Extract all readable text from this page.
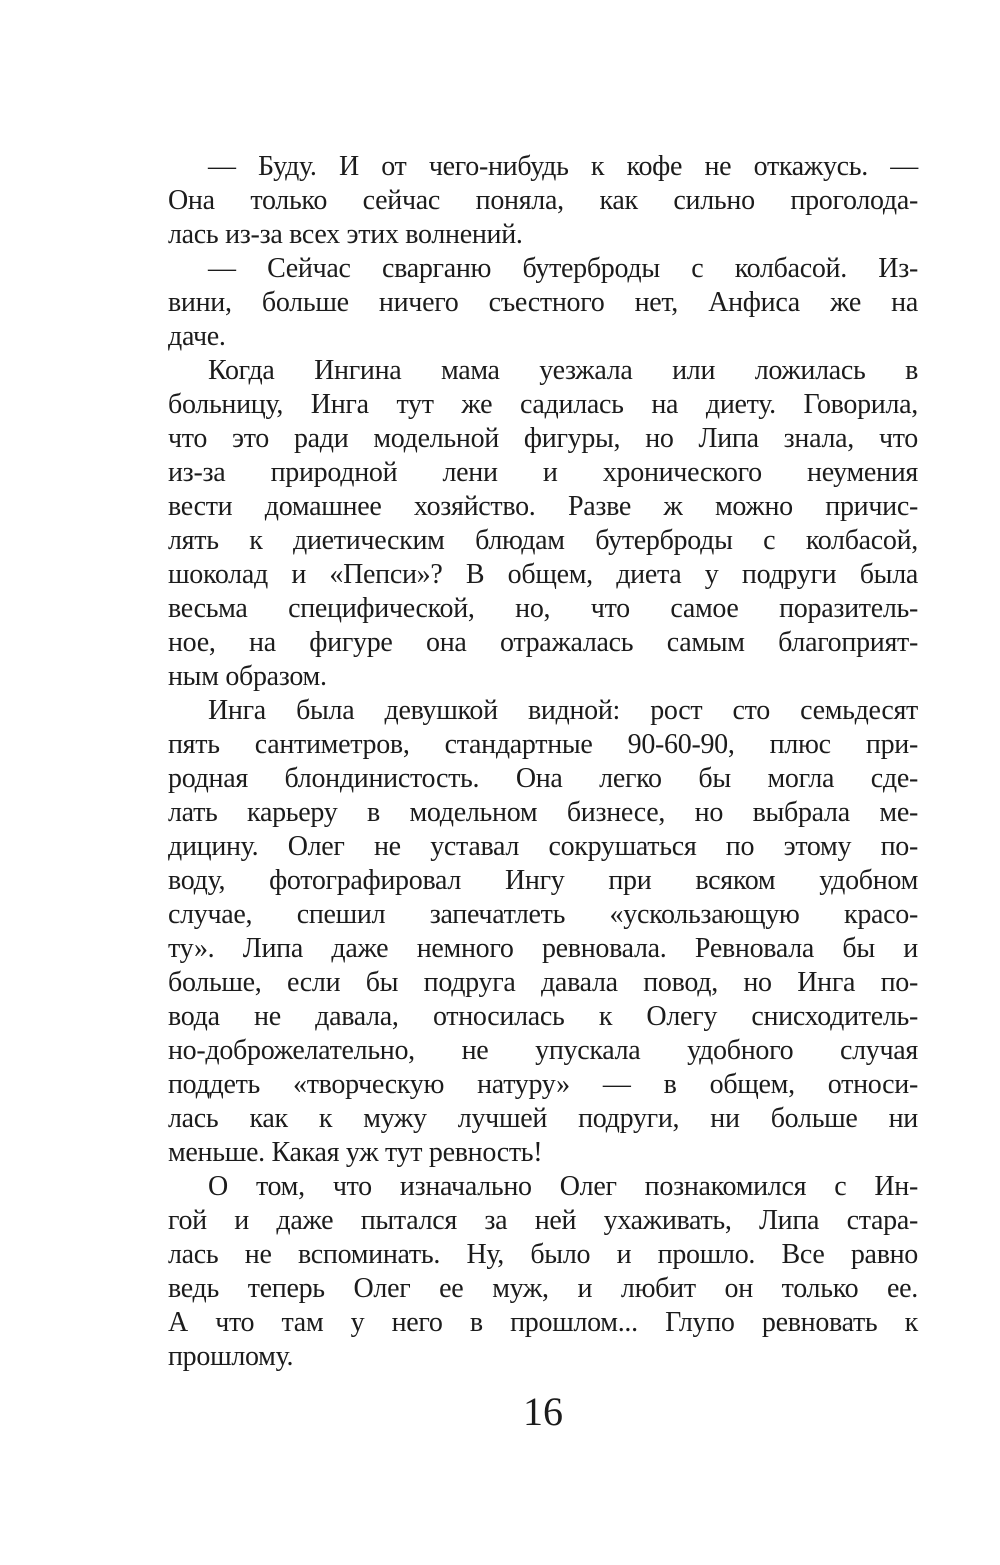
— Буду. И от чего-нибудь к кофе не откажусь. —
Она только сейчас поняла, как сильно проголода-
лась из-за всех этих волнений.
— Сейчас сварганю бутерброды с колбасой. Из-
вини, больше ничего съестного нет, Анфиса же на
даче.
Когда Ингина мама уезжала или ложилась в
больницу, Инга тут же садилась на диету. Говорила,
что это ради модельной фигуры, но Липа знала, что
из-за природной лени и хронического неумения
вести домашнее хозяйство. Разве ж можно причис-
лять к диетическим блюдам бутерброды с колбасой,
шоколад и «Пепси»? В общем, диета у подруги была
весьма специфической, но, что самое поразитель-
ное, на фигуре она отражалась самым благоприят-
ным образом.
Инга была девушкой видной: рост сто семьдесят
пять сантиметров, стандартные 90-60-90, плюс при-
родная блондинистость. Она легко бы могла сде-
лать карьеру в модельном бизнесе, но выбрала ме-
дицину. Олег не уставал сокрушаться по этому по-
воду, фотографировал Ингу при всяком удобном
случае, спешил запечатлеть «ускользающую красо-
ту». Липа даже немного ревновала. Ревновала бы и
больше, если бы подруга давала повод, но Инга по-
вода не давала, относилась к Олегу снисходитель-
но-доброжелательно, не упускала удобного случая
поддеть «творческую натуру» — в общем, относи-
лась как к мужу лучшей подруги, ни больше ни
меньше. Какая уж тут ревность!
О том, что изначально Олег познакомился с Ин-
гой и даже пытался за ней ухаживать, Липа стара-
лась не вспоминать. Ну, было и прошло. Все равно
ведь теперь Олег ее муж, и любит он только ее.
А что там у него в прошлом... Глупо ревновать к
прошлому.
16
